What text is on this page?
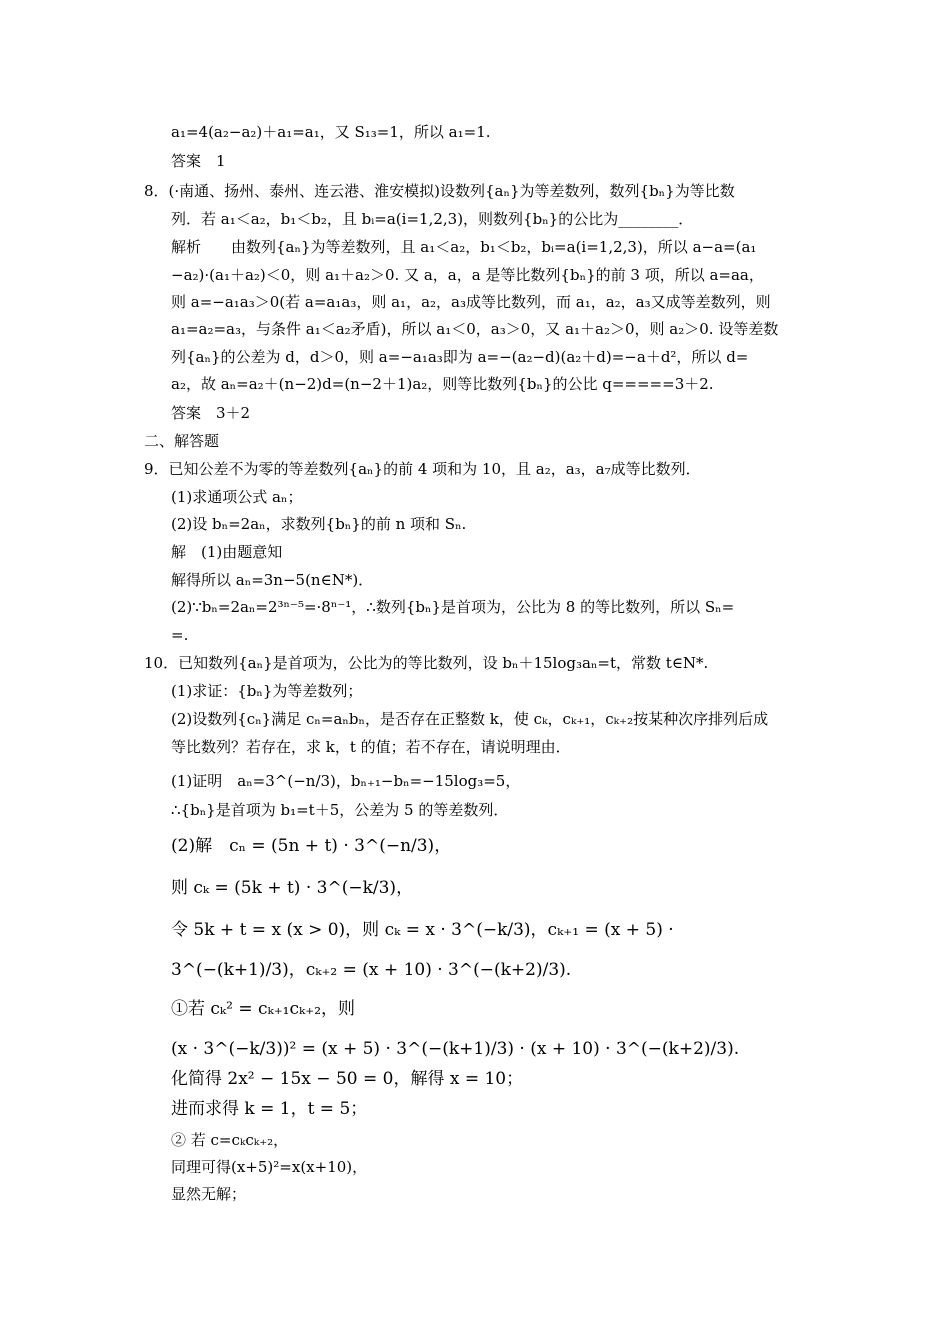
a₁=4(a₂−a₂)＋a₁=a₁，又 S₁₃=1，所以 a₁=1.
答案　1
8．(·南通、扬州、泰州、连云港、淮安模拟)设数列{aₙ}为等差数列，数列{bₙ}为等比数
列．若 a₁＜a₂，b₁＜b₂，且 bᵢ=a(i=1,2,3)，则数列{bₙ}的公比为________．
解析　　由数列{aₙ}为等差数列，且 a₁＜a₂，b₁＜b₂，bᵢ=a(i=1,2,3)，所以 a−a=(a₁
−a₂)·(a₁＋a₂)＜0，则 a₁＋a₂＞0. 又 a，a，a 是等比数列{bₙ}的前 3 项，所以 a=aa，
则 a=−a₁a₃＞0(若 a=a₁a₃，则 a₁，a₂，a₃成等比数列，而 a₁，a₂，a₃又成等差数列，则
a₁=a₂=a₃，与条件 a₁＜a₂矛盾)，所以 a₁＜0，a₃＞0，又 a₁＋a₂＞0，则 a₂＞0. 设等差数
列{aₙ}的公差为 d，d＞0，则 a=−a₁a₃即为 a=−(a₂−d)(a₂＋d)=−a＋d²，所以 d=
a₂，故 aₙ=a₂＋(n−2)d=(n−2＋1)a₂，则等比数列{bₙ}的公比 q=====3＋2.
答案　3＋2
二、解答题
9．已知公差不为零的等差数列{aₙ}的前 4 项和为 10，且 a₂，a₃，a₇成等比数列．
(1)求通项公式 aₙ；
(2)设 bₙ=2aₙ，求数列{bₙ}的前 n 项和 Sₙ.
解　(1)由题意知
解得所以 aₙ=3n−5(n∈N*)．
(2)∵bₙ=2aₙ=2³ⁿ⁻⁵=·8ⁿ⁻¹，∴数列{bₙ}是首项为，公比为 8 的等比数列，所以 Sₙ=
=.
10．已知数列{aₙ}是首项为，公比为的等比数列，设 bₙ＋15log₃aₙ=t，常数 t∈N*.
(1)求证：{bₙ}为等差数列；
(2)设数列{cₙ}满足 cₙ=aₙbₙ，是否存在正整数 k，使 cₖ，cₖ₊₁，cₖ₊₂按某种次序排列后成
等比数列？若存在，求 k，t 的值；若不存在，请说明理由．
(1)证明　aₙ=3^(−n/3)，bₙ₊₁−bₙ=−15log₃=5，
∴{bₙ}是首项为 b₁=t＋5，公差为 5 的等差数列．
(2)解　cₙ = (5n + t) · 3^(−n/3)，
则 cₖ = (5k + t) · 3^(−k/3)，
令 5k + t = x (x > 0)，则 cₖ = x · 3^(−k/3)，cₖ₊₁ = (x + 5) ·
3^(−(k+1)/3)，cₖ₊₂ = (x + 10) · 3^(−(k+2)/3).
①若 cₖ² = cₖ₊₁cₖ₊₂，则
(x · 3^(−k/3))² = (x + 5) · 3^(−(k+1)/3) · (x + 10) · 3^(−(k+2)/3).
化简得 2x² − 15x − 50 = 0，解得 x = 10；
进而求得 k = 1，t = 5；
② 若 c=cₖcₖ₊₂，
同理可得(x+5)²=x(x+10)，
显然无解；
